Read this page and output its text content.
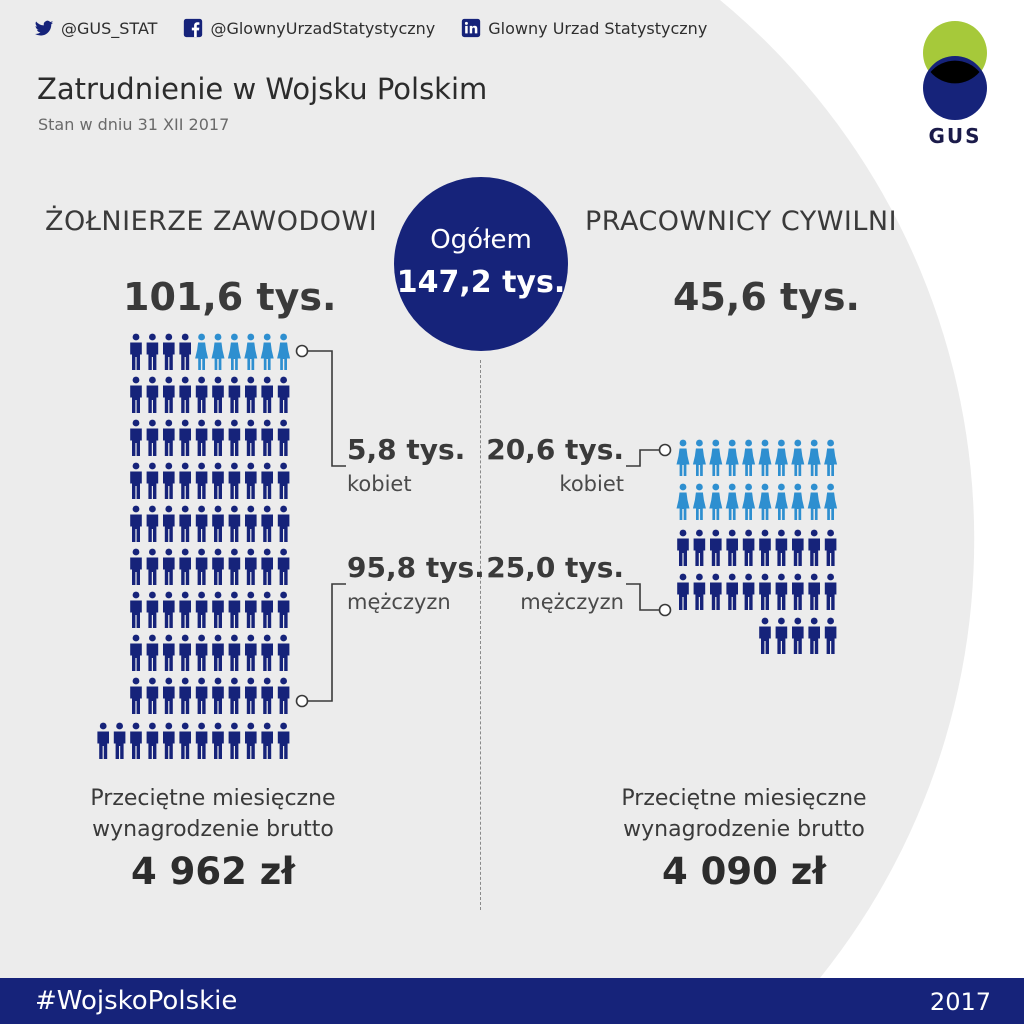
@GUS_STAT	@GlownyUrzadStatystyczny	Glowny Urzad Statystyczny
Zatrudnienie w Wojsku Polskim
Stan w dniu 31 XII 2017	GUS
ŻOŁNIERZE ZAWODOWI	PRACOWNICY CYWILNI
101,6 tys.	45,6 tys.
Ogółem
147,2 tys.
5,8 tys.
kobiet
95,8 tys.
mężczyzn
20,6 tys.
kobiet
25,0 tys.
mężczyzn
Przeciętne miesięczne
wynagrodzenie brutto
4 962 zł
Przeciętne miesięczne
wynagrodzenie brutto
4 090 zł
#WojskoPolskie	2017
